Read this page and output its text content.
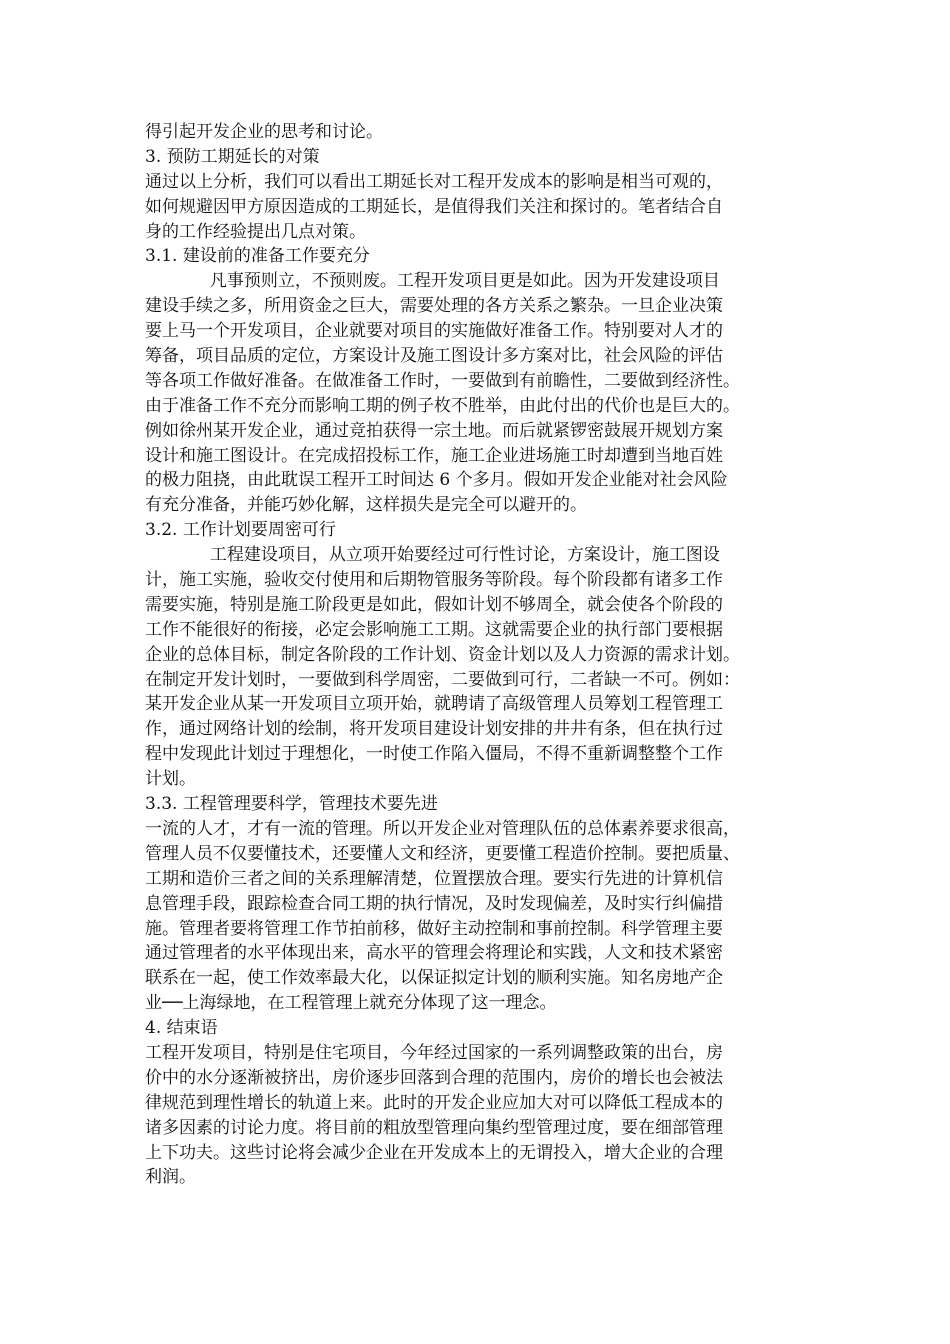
得引起开发企业的思考和讨论。
3. 预防工期延长的对策
通过以上分析，我们可以看出工期延长对工程开发成本的影响是相当可观的，
如何规避因甲方原因造成的工期延长，是值得我们关注和探讨的。笔者结合自
身的工作经验提出几点对策。
3.1. 建设前的准备工作要充分
凡事预则立，不预则废。工程开发项目更是如此。因为开发建设项目
建设手续之多，所用资金之巨大，需要处理的各方关系之繁杂。一旦企业决策
要上马一个开发项目，企业就要对项目的实施做好准备工作。特别要对人才的
筹备，项目品质的定位，方案设计及施工图设计多方案对比，社会风险的评估
等各项工作做好准备。在做准备工作时，一要做到有前瞻性，二要做到经济性。
由于准备工作不充分而影响工期的例子枚不胜举，由此付出的代价也是巨大的。
例如徐州某开发企业，通过竞拍获得一宗土地。而后就紧锣密鼓展开规划方案
设计和施工图设计。在完成招投标工作，施工企业进场施工时却遭到当地百姓
的极力阻挠，由此耽误工程开工时间达 6 个多月。假如开发企业能对社会风险
有充分准备，并能巧妙化解，这样损失是完全可以避开的。
3.2. 工作计划要周密可行
工程建设项目，从立项开始要经过可行性讨论，方案设计，施工图设
计，施工实施，验收交付使用和后期物管服务等阶段。每个阶段都有诸多工作
需要实施，特别是施工阶段更是如此，假如计划不够周全，就会使各个阶段的
工作不能很好的衔接，必定会影响施工工期。这就需要企业的执行部门要根据
企业的总体目标，制定各阶段的工作计划、资金计划以及人力资源的需求计划。
在制定开发计划时，一要做到科学周密，二要做到可行，二者缺一不可。例如：
某开发企业从某一开发项目立项开始，就聘请了高级管理人员筹划工程管理工
作，通过网络计划的绘制，将开发项目建设计划安排的井井有条，但在执行过
程中发现此计划过于理想化，一时使工作陷入僵局，不得不重新调整整个工作
计划。
3.3. 工程管理要科学，管理技术要先进
一流的人才，才有一流的管理。所以开发企业对管理队伍的总体素养要求很高，
管理人员不仅要懂技术，还要懂人文和经济，更要懂工程造价控制。要把质量、
工期和造价三者之间的关系理解清楚，位置摆放合理。要实行先进的计算机信
息管理手段，跟踪检查合同工期的执行情况，及时发现偏差，及时实行纠偏措
施。管理者要将管理工作节拍前移，做好主动控制和事前控制。科学管理主要
通过管理者的水平体现出来，高水平的管理会将理论和实践，人文和技术紧密
联系在一起，使工作效率最大化，以保证拟定计划的顺利实施。知名房地产企
业──上海绿地，在工程管理上就充分体现了这一理念。
4. 结束语
工程开发项目，特别是住宅项目，今年经过国家的一系列调整政策的出台，房
价中的水分逐渐被挤出，房价逐步回落到合理的范围内，房价的增长也会被法
律规范到理性增长的轨道上来。此时的开发企业应加大对可以降低工程成本的
诸多因素的讨论力度。将目前的粗放型管理向集约型管理过度，要在细部管理
上下功夫。这些讨论将会减少企业在开发成本上的无谓投入，增大企业的合理
利润。
